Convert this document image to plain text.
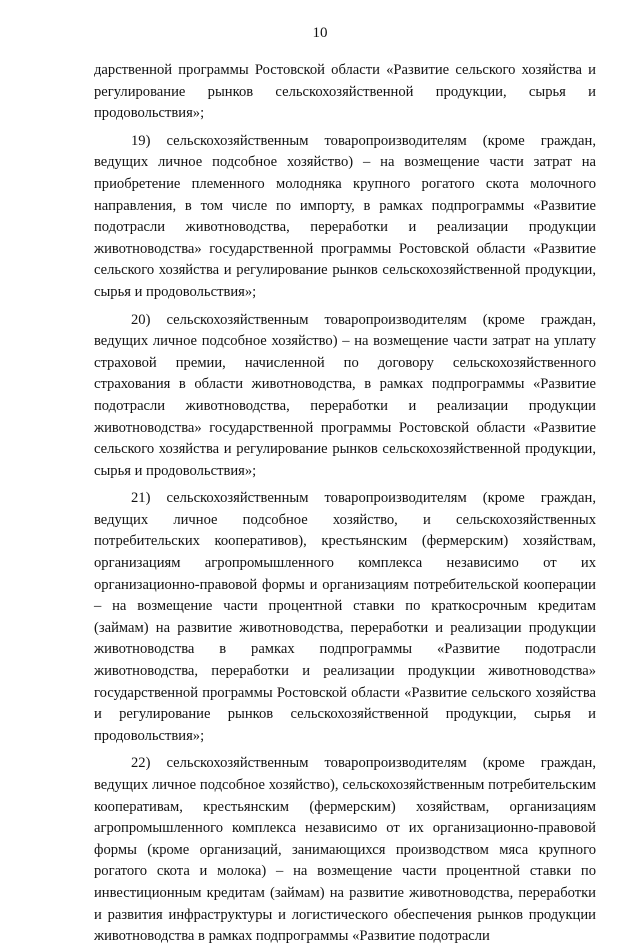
10

дарственной программы Ростовской области «Развитие сельского хозяйства и регулирование рынков сельскохозяйственной продукции, сырья и продовольствия»;

19) сельскохозяйственным товаропроизводителям (кроме граждан, ведущих личное подсобное хозяйство) – на возмещение части затрат на приобретение племенного молодняка крупного рогатого скота молочного направления, в том числе по импорту, в рамках подпрограммы «Развитие подотрасли животноводства, переработки и реализации продукции животноводства» государственной программы Ростовской области «Развитие сельского хозяйства и регулирование рынков сельскохозяйственной продукции, сырья и продовольствия»;

20) сельскохозяйственным товаропроизводителям (кроме граждан, ведущих личное подсобное хозяйство) – на возмещение части затрат на уплату страховой премии, начисленной по договору сельскохозяйственного страхования в области животноводства, в рамках подпрограммы «Развитие подотрасли животноводства, переработки и реализации продукции животноводства» государственной программы Ростовской области «Развитие сельского хозяйства и регулирование рынков сельскохозяйственной продукции, сырья и продовольствия»;

21) сельскохозяйственным товаропроизводителям (кроме граждан, ведущих личное подсобное хозяйство, и сельскохозяйственных потребительских кооперативов), крестьянским (фермерским) хозяйствам, организациям агропромышленного комплекса независимо от их организационно-правовой формы и организациям потребительской кооперации – на возмещение части процентной ставки по краткосрочным кредитам (займам) на развитие животноводства, переработки и реализации продукции животноводства в рамках подпрограммы «Развитие подотрасли животноводства, переработки и реализации продукции животноводства» государственной программы Ростовской области «Развитие сельского хозяйства и регулирование рынков сельскохозяйственной продукции, сырья и продовольствия»;

22) сельскохозяйственным товаропроизводителям (кроме граждан, ведущих личное подсобное хозяйство), сельскохозяйственным потребительским кооперативам, крестьянским (фермерским) хозяйствам, организациям агропромышленного комплекса независимо от их организационно-правовой формы (кроме организаций, занимающихся производством мяса крупного рогатого скота и молока) – на возмещение части процентной ставки по инвестиционным кредитам (займам) на развитие животноводства, переработки и развития инфраструктуры и логистического обеспечения рынков продукции животноводства в рамках подпрограммы «Развитие подотрасли
